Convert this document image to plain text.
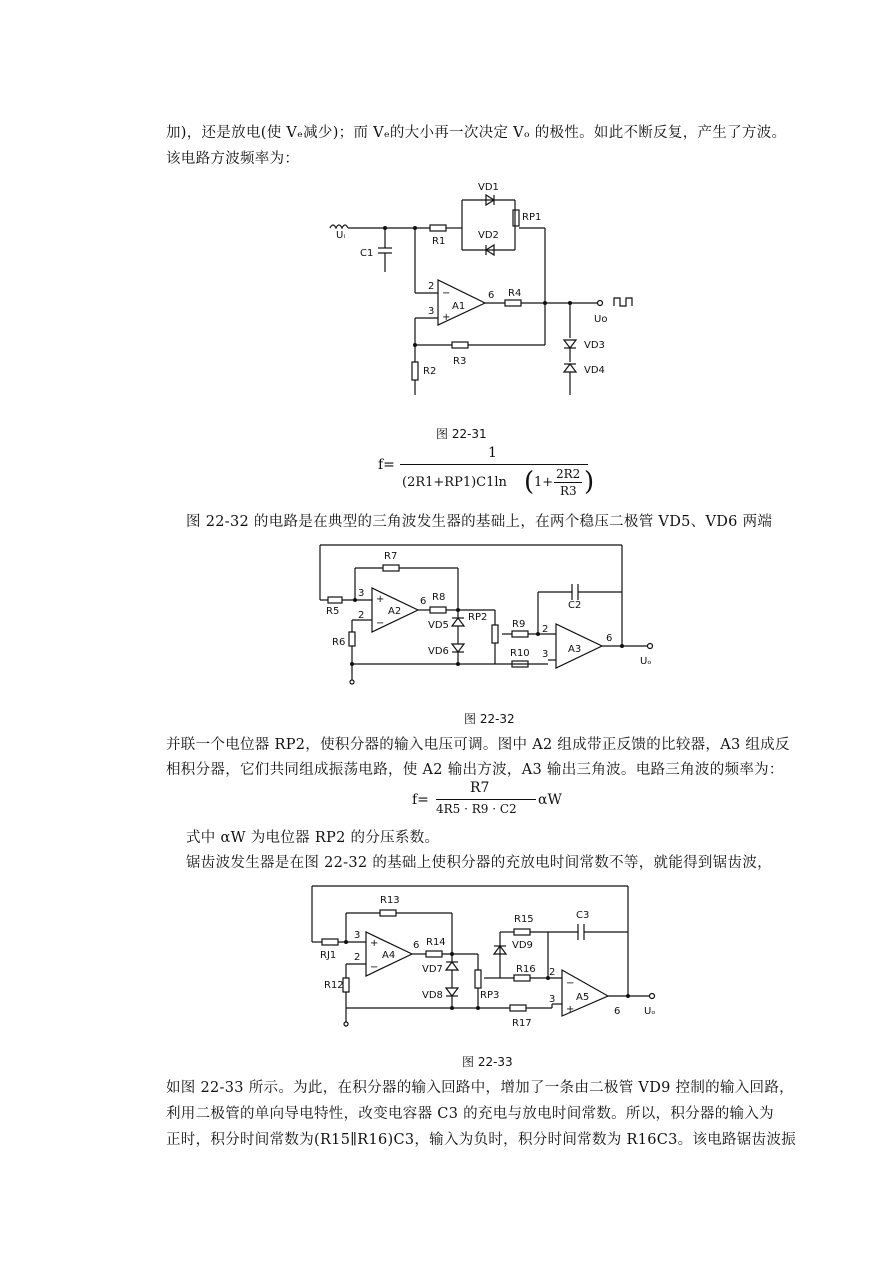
加)，还是放电(使 Vₑ减少)；而 Vₑ的大小再一次决定 Vₒ 的极性。如此不断反复，产生了方波。
该电路方波频率为：
VD1
VD2
RP1
Uᵢ
C1
R1
2
3
−
+
A1
6 R4
Uo
R3
R2
VD3
VD4
图 22-31
f=
1
(2R1+RP1)C1ln ( 1+
2R2
R3 )
图 22-32 的电路是在典型的三角波发生器的基础上，在两个稳压二极管 VD5、VD6 两端
R7
R5
R6
3
2
+
−
A2
6 R8
VD5
VD6
RP2
R9
R10
C2
2
3 A3
6
Uₒ
图 22-32
并联一个电位器 RP2，使积分器的输入电压可调。图中 A2 组成带正反馈的比较器，A3 组成反
相积分器，它们共同组成振荡电路，使 A2 输出方波，A3 输出三角波。电路三角波的频率为：
f=
R7
4R5 · R9 · C2
αW
式中 αW 为电位器 RP2 的分压系数。
锯齿波发生器是在图 22-32 的基础上使积分器的充放电时间常数不等，就能得到锯齿波，
R13
RJ1
R12
3
2
+
−
A4
6 R14
VD7
VD8	RP3
R15
VD9
R16
C3
2
3
−
+
A5
6 Uₒ
R17
图 22-33
如图 22-33 所示。为此，在积分器的输入回路中，增加了一条由二极管 VD9 控制的输入回路，
利用二极管的单向导电特性，改变电容器 C3 的充电与放电时间常数。所以，积分器的输入为
正时，积分时间常数为(R15∥R16)C3，输入为负时，积分时间常数为 R16C3。该电路锯齿波振
